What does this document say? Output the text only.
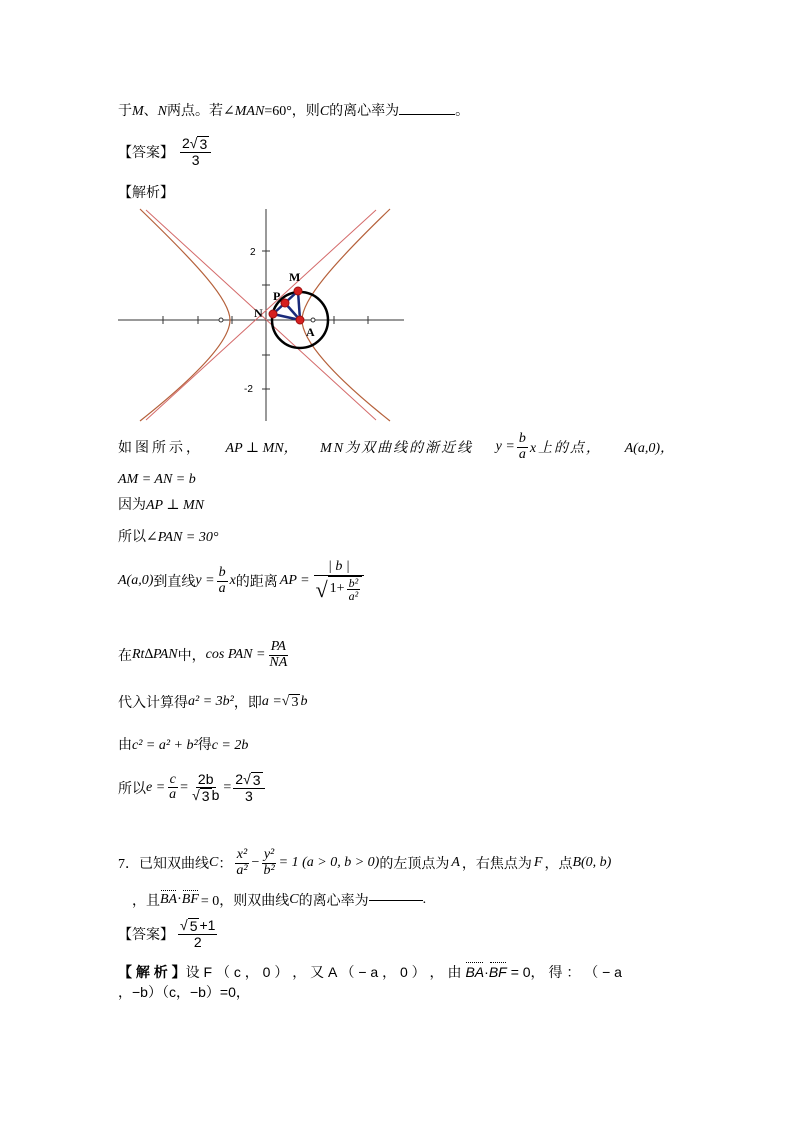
于M、N两点。若∠MAN=60°，则C的离心率为	。
【答案】 $\frac{2√ 3}{3}$
【解析】
2
-2
M
P
N
A
如图所示， AP ⊥ MN， MN为双曲线的渐近线 $y = \frac{b}{a}$ x上的点， A(a,0)，
AM = AN = b
因为AP ⊥ MN
所以∠PAN = 30°
A(a,0) 到直线 $y = \frac{b}{a}$ x 的距离 AP = $\frac{| b |}{√ 1+ \frac{\text{b²}}{\text{a²}}}$
在 Rt∆PAN 中， cos PAN = $\frac{PA}{NA}$
代入计算得 a² = 3b² ，即 a = √ 3 b
由c² = a² + b²得c = 2b
所以 $e = \frac{c}{a} = \frac{2b}{√ 3 b} = \frac{2√ 3}{3}$
7．已知双曲线 C ： $\frac{\text{x²}}{\text{a²}} - \frac{\text{y²}}{\text{b²}} = 1$ (a > 0, b > 0) 的左顶点为 A ，右焦点为 F ，点 B(0, b)
，且 BA · BF = 0，则双曲线 C 的离心率为	.
【答案】 $\frac{√ 5 +1}{2}$
【 解 析 】 设 F （ c ， 0 ） ， 又 A （ − a ， 0 ） ， 由 BA · BF = 0， 得 ： （ − a
，−b）（c，−b）=0，
